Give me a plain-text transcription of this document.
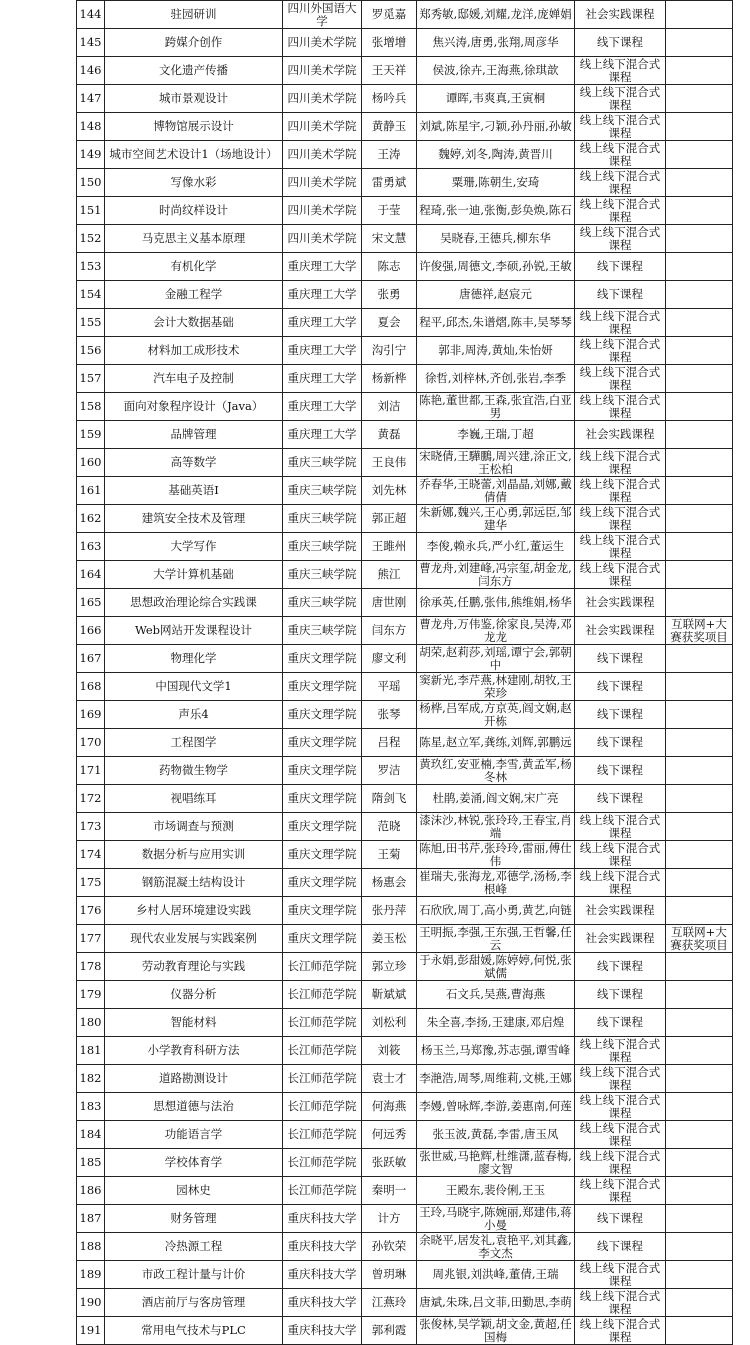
144	驻园研训	四川外国语大学	罗觅嘉	郑秀敏,邸媛,刘耀,龙洋,庞婵娟	社会实践课程	
145	跨媒介创作	四川美术学院	张增增	焦兴涛,唐勇,张翔,周彦华	线下课程	
146	文化遗产传播	四川美术学院	王天祥	侯波,徐卉,王海燕,徐琪歆	线上线下混合式课程	
147	城市景观设计	四川美术学院	杨吟兵	谭晖,韦爽真,王寅桐	线上线下混合式课程	
148	博物馆展示设计	四川美术学院	黄静玉	刘斌,陈星宇,刁颖,孙丹丽,孙敏	线上线下混合式课程	
149	城市空间艺术设计1（场地设计）	四川美术学院	王涛	魏婷,刘冬,陶涛,黄晋川	线上线下混合式课程	
150	写像水彩	四川美术学院	雷勇斌	粟珊,陈朝生,安琦	线上线下混合式课程	
151	时尚纹样设计	四川美术学院	于莹	程琦,张一迪,张衡,彭奂焕,陈石	线上线下混合式课程	
152	马克思主义基本原理	四川美术学院	宋文慧	吴晓春,王德兵,柳东华	线上线下混合式课程	
153	有机化学	重庆理工大学	陈志	许俊强,周德文,李硕,孙锐,王敏	线下课程	
154	金融工程学	重庆理工大学	张勇	唐德祥,赵宸元	线下课程	
155	会计大数据基础	重庆理工大学	夏会	程平,邱杰,朱谱熠,陈丰,吴琴琴	线上线下混合式课程	
156	材料加工成形技术	重庆理工大学	沟引宁	郭非,周涛,黄灿,朱怡妍	线上线下混合式课程	
157	汽车电子及控制	重庆理工大学	杨新桦	徐哲,刘梓林,齐创,张岩,李季	线上线下混合式课程	
158	面向对象程序设计（Java）	重庆理工大学	刘洁	陈艳,董世都,王森,张宜浩,白亚男	线上线下混合式课程	
159	品牌管理	重庆理工大学	黄磊	李巍,王瑞,丁超	社会实践课程	
160	高等数学	重庆三峡学院	王良伟	宋晓倩,王驊鵬,周兴建,涂正文,王松柏	线上线下混合式课程	
161	基础英语Ⅰ	重庆三峡学院	刘先林	乔春华,王晓蕾,刘晶晶,刘娜,戴倩倩	线上线下混合式课程	
162	建筑安全技术及管理	重庆三峡学院	郭正超	朱新娜,魏兴,王心勇,郭远臣,邹建华	线上线下混合式课程	
163	大学写作	重庆三峡学院	王雎州	李俊,赖永兵,严小红,董运生	线上线下混合式课程	
164	大学计算机基础	重庆三峡学院	熊江	曹龙舟,刘建峰,冯宗玺,胡金龙,闫东方	线上线下混合式课程	
165	思想政治理论综合实践课	重庆三峡学院	唐世刚	徐承英,任鹏,张伟,熊维娟,杨华	社会实践课程	
166	Web网站开发课程设计	重庆三峡学院	闫东方	曹龙舟,万伟鉴,徐家良,吴涛,邓龙龙	社会实践课程	互联网+大赛获奖项目
167	物理化学	重庆文理学院	廖文利	胡荣,赵莉莎,刘瑶,谭宁会,郭朝中	线下课程	
168	中国现代文学1	重庆文理学院	平瑶	窦新光,李芹燕,林建刚,胡牧,王荣珍	线下课程	
169	声乐4	重庆文理学院	张琴	杨桦,吕军成,方京英,阎文娴,赵开栋	线下课程	
170	工程图学	重庆文理学院	吕程	陈星,赵立军,龚练,刘辉,郭鹏远	线下课程	
171	药物微生物学	重庆文理学院	罗洁	黄玖红,安亚楠,李雪,黄孟军,杨冬林	线下课程	
172	视唱练耳	重庆文理学院	隋剑飞	杜鹃,姜涌,阎文娴,宋广亮	线下课程	
173	市场调查与预测	重庆文理学院	范晓	漆沫沙,林锐,张玲玲,王春宝,肖端	线上线下混合式课程	
174	数据分析与应用实训	重庆文理学院	王菊	陈旭,田书芹,张玲玲,雷丽,傅仕伟	线上线下混合式课程	
175	钢筋混凝土结构设计	重庆文理学院	杨惠会	崔瑞夫,张海龙,邓德学,汤杨,李根峰	线上线下混合式课程	
176	乡村人居环境建设实践	重庆文理学院	张丹萍	石欣欣,周丁,高小勇,黄艺,向链	社会实践课程	
177	现代农业发展与实践案例	重庆文理学院	姜玉松	王明振,李强,王东强,王哲馨,任云	社会实践课程	互联网+大赛获奖项目
178	劳动教育理论与实践	长江师范学院	郭立珍	于永娟,彭甜媛,陈婷婷,何悦,张斌儒	线下课程	
179	仪器分析	长江师范学院	靳斌斌	石文兵,吴燕,曹海燕	线下课程	
180	智能材料	长江师范学院	刘松利	朱全喜,李扬,王建康,邓启煌	线下课程	
181	小学教育科研方法	长江师范学院	刘筱	杨玉兰,马郑豫,苏志强,谭雪峰	线上线下混合式课程	
182	道路勘测设计	长江师范学院	袁士才	李滟浩,周琴,周维莉,文桃,王娜	线上线下混合式课程	
183	思想道德与法治	长江师范学院	何海燕	李嫚,曾咏辉,李游,姜惠南,何莲	线上线下混合式课程	
184	功能语言学	长江师范学院	何远秀	张玉波,黄磊,李雷,唐玉凤	线上线下混合式课程	
185	学校体育学	长江师范学院	张跃敏	张世威,马艳辉,杜维潇,蓝春梅,廖文智	线上线下混合式课程	
186	园林史	长江师范学院	秦明一	王殿东,裴伶俐,王玉	线上线下混合式课程	
187	财务管理	重庆科技大学	计方	王玲,马晓宇,陈婉丽,郑建伟,蒋小曼	线下课程	
188	冷热源工程	重庆科技大学	孙钦荣	余晓平,居发礼,袁艳平,刘其鑫,李文杰	线下课程	
189	市政工程计量与计价	重庆科技大学	曾玥琳	周兆银,刘洪峰,董倩,王瑞	线上线下混合式课程	
190	酒店前厅与客房管理	重庆科技大学	江燕玲	唐斌,朱珠,吕文菲,田勤思,李萌	线上线下混合式课程	
191	常用电气技术与PLC	重庆科技大学	郭利霞	张俊林,吴学颖,胡文金,黄超,任国梅	线上线下混合式课程	
